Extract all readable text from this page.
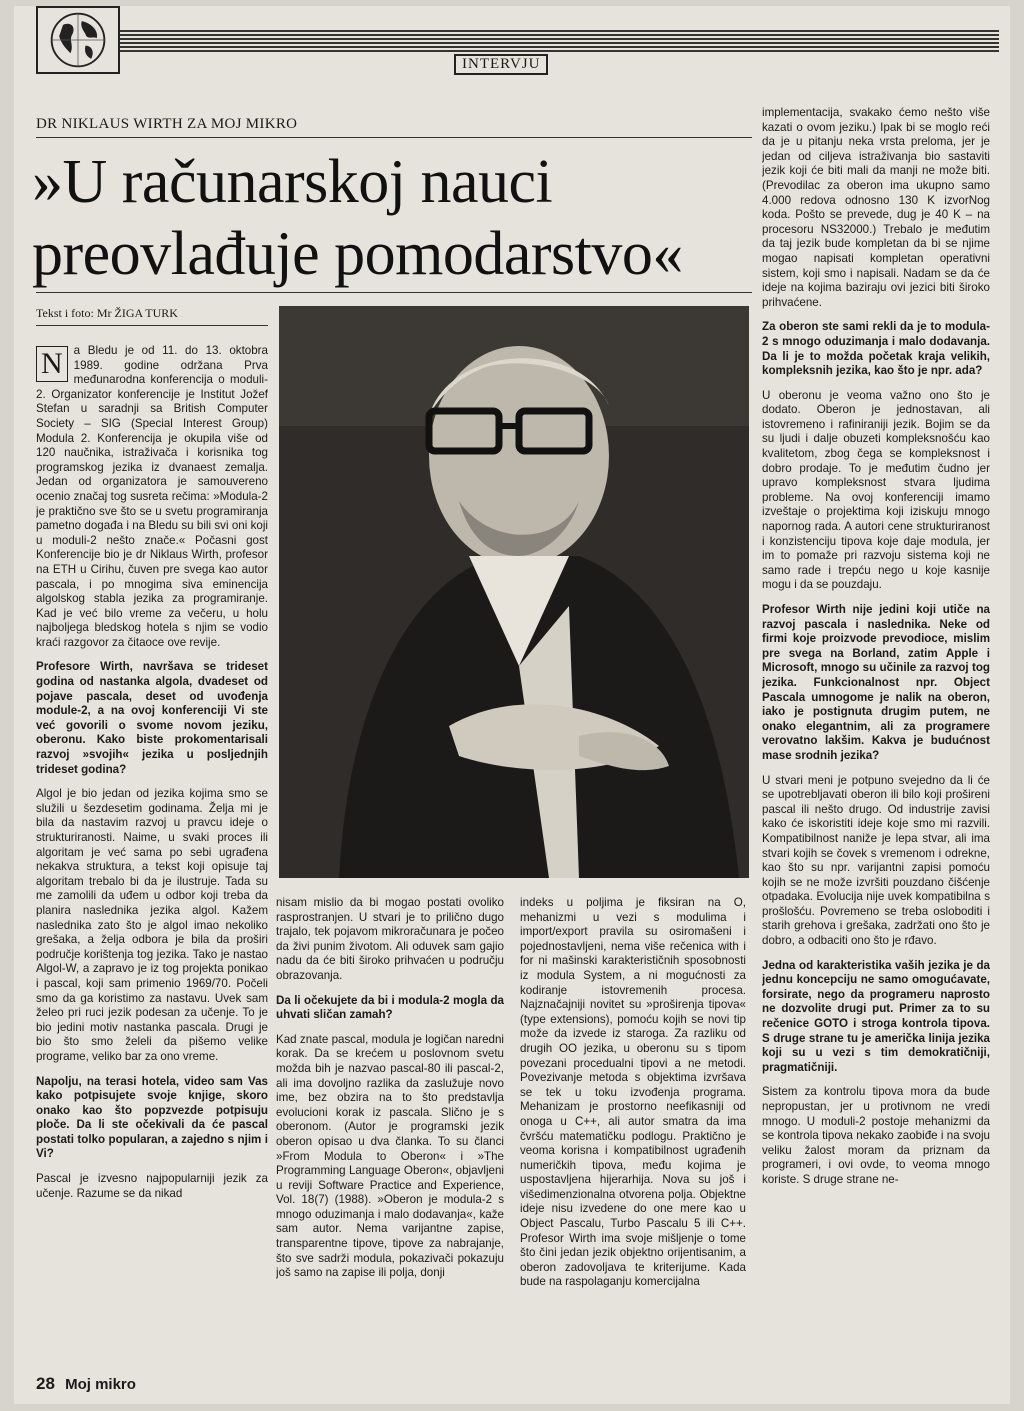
INTERVJU
DR NIKLAUS WIRTH ZA MOJ MIKRO
»U računarskoj nauci
preovlađuje pomodarstvo«
Tekst i foto: Mr ŽIGA TURK

N a Bledu je od 11. do 13. oktobra 1989. godine održana Prva međunarodna konferencija o moduli-2. Organizator konferencije je Institut Jožef Stefan u saradnji sa British Computer Society – SIG (Special Interest Group) Modula 2. Konferencija je okupila više od 120 naučnika, istraživača i korisnika tog programskog jezika iz dvanaest zemalja. Jedan od organizatora je samouvereno ocenio značaj tog susreta rečima: »Modula-2 je praktično sve što se u svetu programiranja pametno događa i na Bledu su bili svi oni koji u moduli-2 nešto znače.« Počasni gost Konferencije bio je dr Niklaus Wirth, profesor na ETH u Cirihu, čuven pre svega kao autor pascala, i po mnogima siva eminencija algolskog stabla jezika za programiranje. Kad je već bilo vreme za večeru, u holu najboljega bledskog hotela s njim se vodio kraći razgovor za čitaoce ove revije.

Profesore Wirth, navršava se trideset godina od nastanka algola, dvadeset od pojave pascala, deset od uvođenja module-2, a na ovoj konferenciji Vi ste već govorili o svome novom jeziku, oberonu. Kako biste prokomentarisali razvoj »svojih« jezika u posljednjih trideset godina?

Algol je bio jedan od jezika kojima smo se služili u šezdesetim godinama. Želja mi je bila da nastavim razvoj u pravcu ideje o strukturiranosti. Naime, u svaki proces ili algoritam je već sama po sebi ugrađena nekakva struktura, a tekst koji opisuje taj algoritam trebalo bi da je ilustruje. Tada su me zamolili da uđem u odbor koji treba da planira naslednika jezika algol. Kažem naslednika zato što je algol imao nekoliko grešaka, a želja odbora je bila da proširi područje korištenja tog jezika. Tako je nastao Algol-W, a zapravo je iz tog projekta ponikao i pascal, koji sam primenio 1969/70. Počeli smo da ga koristimo za nastavu. Uvek sam želeo pri ruci jezik podesan za učenje. To je bio jedini motiv nastanka pascala. Drugi je bio što smo želeli da pišemo velike programe, veliko bar za ono vreme.

Napolju, na terasi hotela, video sam Vas kako potpisujete svoje knjige, skoro onako kao što popzvezde potpisuju ploče. Da li ste očekivali da će pascal postati tolko popularan, a zajedno s njim i Vi?

Pascal je izvesno najpopularniji jezik za učenje. Razume se da nikad

nisam mislio da bi mogao postati ovoliko rasprostranjen. U stvari je to prilično dugo trajalo, tek pojavom mikroračunara je počeo da živi punim životom. Ali oduvek sam gajio nadu da će biti široko prihvaćen u području obrazovanja.

Da li očekujete da bi i modula-2 mogla da uhvati sličan zamah?

Kad znate pascal, modula je logičan naredni korak. Da se krećem u poslovnom svetu možda bih je nazvao pascal-80 ili pascal-2, ali ima dovoljno razlika da zaslužuje novo ime, bez obzira na to što predstavlja evolucioni korak iz pascala. Slično je s oberonom. (Autor je programski jezik oberon opisao u dva članka. To su članci »From Modula to Oberon« i »The Programming Language Oberon«, objavljeni u reviji Software Practice and Experience, Vol. 18(7) (1988). »Oberon je modula-2 s mnogo oduzimanja i malo dodavanja«, kaže sam autor. Nema varijantne zapise, transparentne tipove, tipove za nabrajanje, što sve sadrži modula, pokazivači pokazuju još samo na zapise ili polja, donji

indeks u poljima je fiksiran na O, mehanizmi u vezi s modulima i import/export pravila su osiromašeni i pojednostavljeni, nema više rečenica with i for ni mašinski karakterističnih sposobnosti iz modula System, a ni mogućnosti za kodiranje istovremenih procesa. Najznačajniji novitet su »proširenja tipova« (type extensions), pomoću kojih se novi tip može da izvede iz staroga. Za razliku od drugih OO jezika, u oberonu su s tipom povezani procedualni tipovi a ne metodi. Povezivanje metoda s objektima izvršava se tek u toku izvođenja programa. Mehanizam je prostorno neefikasniji od onoga u C++, ali autor smatra da ima čvršću matematičku podlogu. Praktično je veoma korisna i kompatibilnost ugrađenih numeričkih tipova, među kojima je uspostavljena hijerarhija. Nova su još i višedimenzionalna otvorena polja. Objektne ideje nisu izvedene do one mere kao u Object Pascalu, Turbo Pascalu 5 ili C++. Profesor Wirth ima svoje mišljenje o tome što čini jedan jezik objektno orijentisanim, a oberon zadovoljava te kriterijume. Kada bude na raspolaganju komercijalna

implementacija, svakako ćemo nešto više kazati o ovom jeziku.) Ipak bi se moglo reći da je u pitanju neka vrsta preloma, jer je jedan od ciljeva istraživanja bio sastaviti jezik koji će biti mali da manji ne može biti. (Prevodilac za oberon ima ukupno samo 4.000 redova odnosno 130 K izvorNog koda. Pošto se prevede, dug je 40 K – na procesoru NS32000.) Trebalo je međutim da taj jezik bude kompletan da bi se njime mogao napisati kompletan operativni sistem, koji smo i napisali. Nadam se da će ideje na kojima baziraju ovi jezici biti široko prihvaćene.

Za oberon ste sami rekli da je to modula-2 s mnogo oduzimanja i malo dodavanja. Da li je to možda početak kraja velikih, kompleksnih jezika, kao što je npr. ada?

U oberonu je veoma važno ono što je dodato. Oberon je jednostavan, ali istovremeno i rafinirаniji jezik. Bojim se da su ljudi i dalje obuzeti kompleksnošću kao kvalitetom, zbog čega se kompleksnost i dobro prodaje. To je međutim čudno jer upravo kompleksnost stvara ljudima probleme. Na ovoj konferenciji imamo izveštaje o projektima koji iziskuju mnogo napornog rada. A autori cene strukturiranost i konzistenciju tipova koje daje modula, jer im to pomaže pri razvoju sistema koji ne samo rade i trepću nego u koje kasnije mogu i da se pouzdaju.

Profesor Wirth nije jedini koji utiče na razvoj pascala i naslednika. Neke od firmi koje proizvode prevodioce, mislim pre svega na Borland, zatim Apple i Microsoft, mnogo su učinile za razvoj tog jezika. Funkcionalnost npr. Object Pascala umnogome je nalik na oberon, iako je postignuta drugim putem, ne onako elegantnim, ali za programere verovatno lakšim. Kakva je budućnost mase srodnih jezika?

U stvari meni je potpuno svejedno da li će se upotrebljavati oberon ili bilo koji prošireni pascal ili nešto drugo. Od industrije zavisi kako će iskoristiti ideje koje smo mi razvili. Kompatibilnost naniže je lepa stvar, ali ima stvari kojih se čovek s vremenom i odrekne, kao što su npr. varijantni zapisi pomoću kojih se ne može izvršiti pouzdano čišćenje otpadaka. Evolucija nije uvek kompatibilna s prošlošću. Povremeno se treba osloboditi i starih grehova i grešaka, zadržati ono što je dobro, a odbaciti ono što je rđavo.

Jedna od karakteristika vaših jezika je da jednu koncepciju ne samo omogućavate, forsirate, nego da programeru naprosto ne dozvolite drugi put. Primer za to su rečenice GOTO i stroga kontrola tipova. S druge strane tu je američka linija jezika koji su u vezi s tim demokratičniji, pragmatičniji.

Sistem za kontrolu tipova mora da bude nepropustan, jer u protivnom ne vredi mnogo. U moduli-2 postoje mehanizmi da se kontrola tipova nekako zaobiđe i na svoju veliku žalost moram da priznam da programeri, i ovi ovde, to veoma mnogo koriste. S druge strane ne-

28 Moj mikro
